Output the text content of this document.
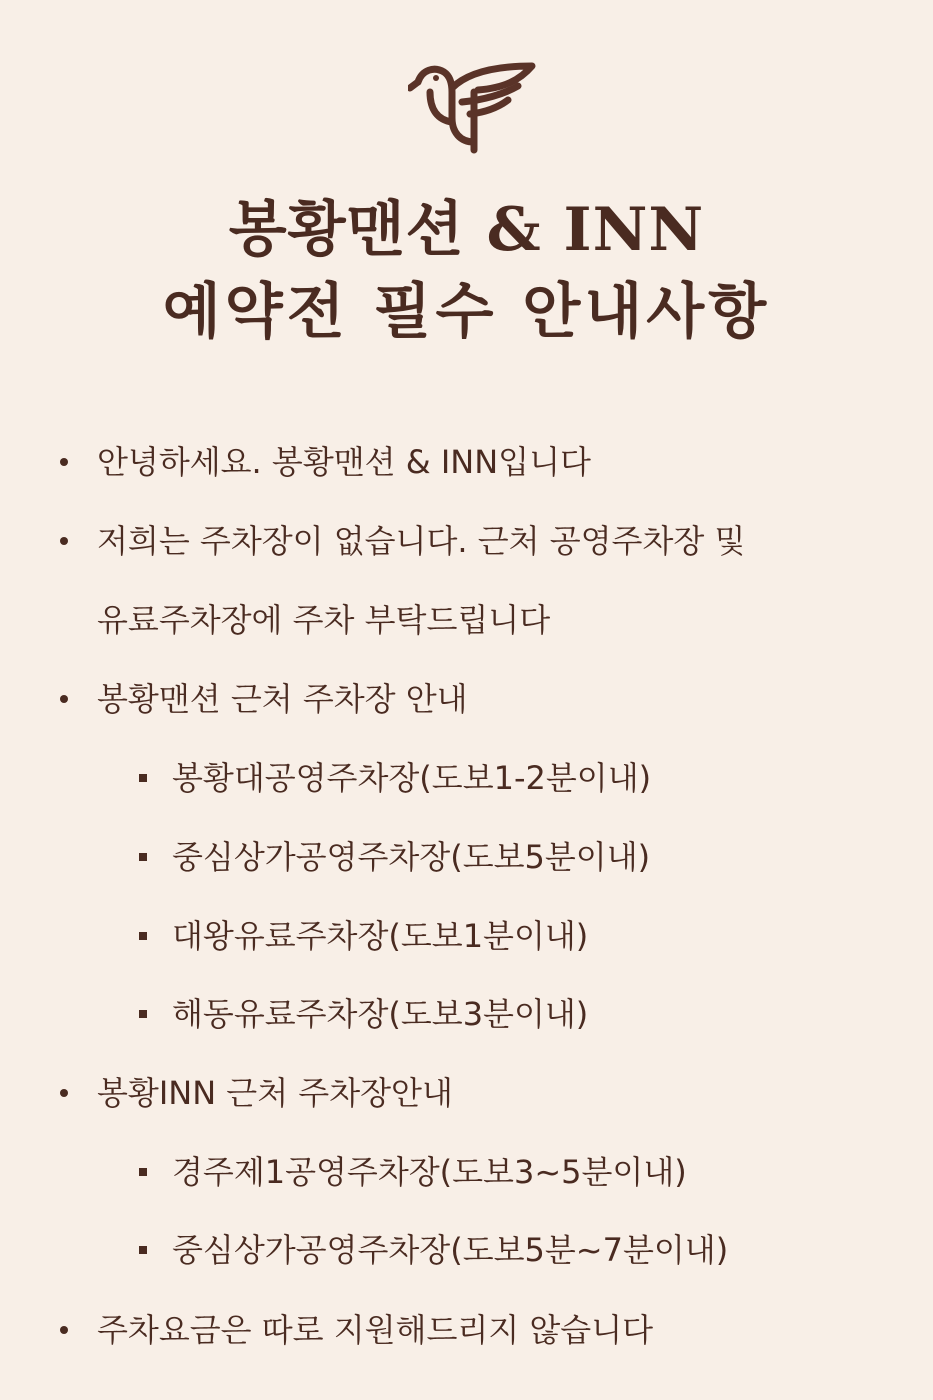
봉황맨션 & INN
예약전 필수 안내사항
안녕하세요. 봉황맨션 & INN입니다
저희는 주차장이 없습니다. 근처 공영주차장 및
유료주차장에 주차 부탁드립니다
봉황맨션 근처 주차장 안내
봉황대공영주차장(도보1-2분이내)
중심상가공영주차장(도보5분이내)
대왕유료주차장(도보1분이내)
해동유료주차장(도보3분이내)
봉황INN 근처 주차장안내
경주제1공영주차장(도보3~5분이내)
중심상가공영주차장(도보5분~7분이내)
주차요금은 따로 지원해드리지 않습니다
